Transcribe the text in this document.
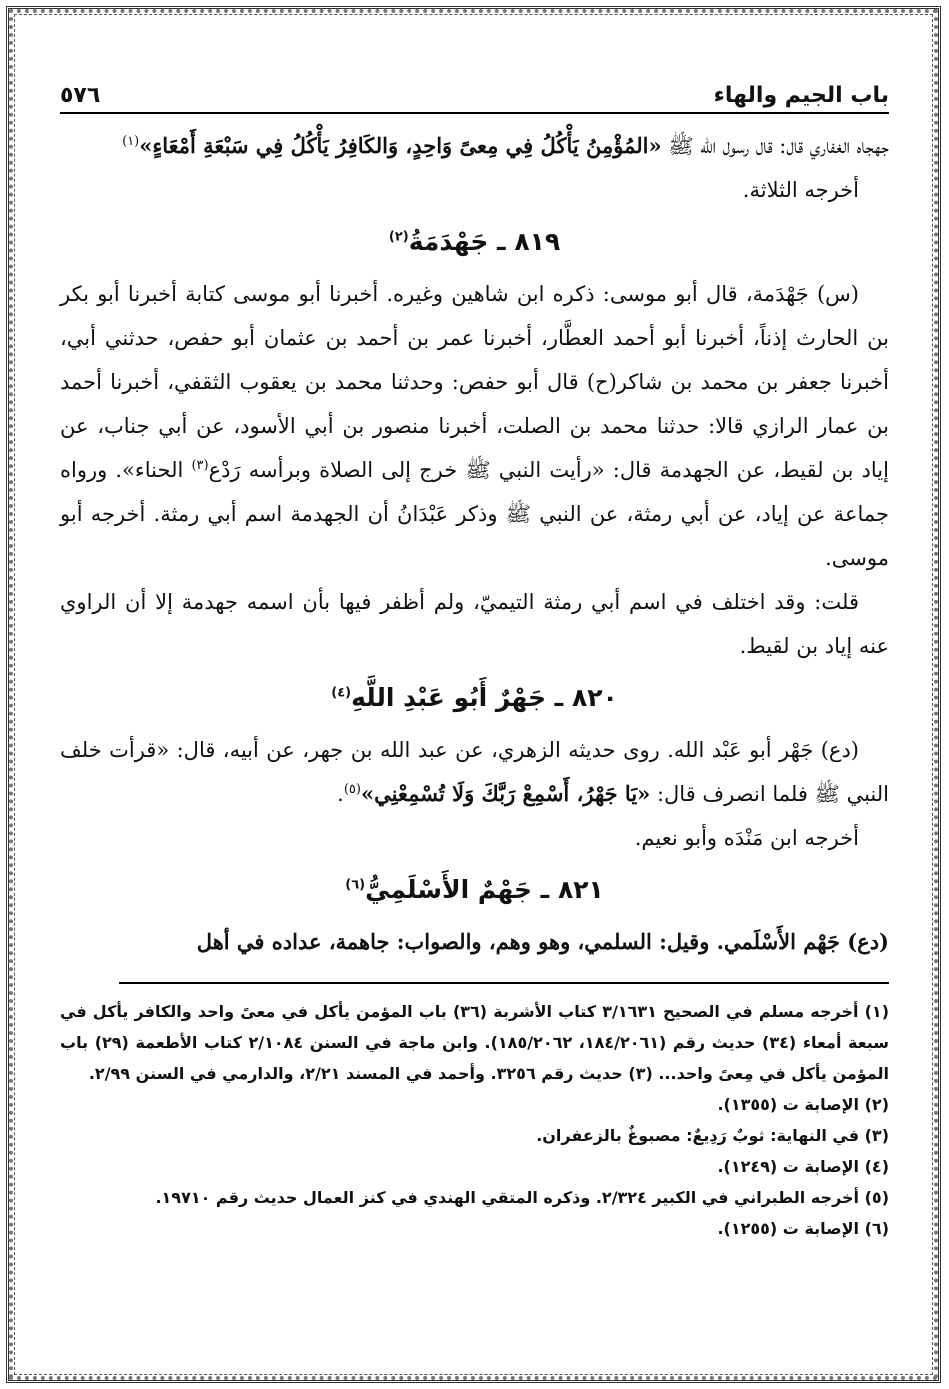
باب الجيم والهاء
٥٧٦

جهجاه الغفاري قال: قال رسول الله ﷺ «المُؤْمِنُ يَأْكُلُ فِي مِعىً وَاحِدٍ، وَالكَافِرُ يَأْكُلُ فِي سَبْعَةِ أَمْعَاءٍ»$^{(١)}$

أخرجه الثلاثة.

٨١٩ ـ جَهْدَمَةُ$^{(٢)}$

(س) جَهْدَمة، قال أبو موسى: ذكره ابن شاهين وغيره. أخبرنا أبو موسى كتابة أخبرنا أبو بكر بن الحارث إذناً، أخبرنا أبو أحمد العطَّار، أخبرنا عمر بن أحمد بن عثمان أبو حفص، حدثني أبي، أخبرنا جعفر بن محمد بن شاكر(ح) قال أبو حفص: وحدثنا محمد بن يعقوب الثقفي، أخبرنا أحمد بن عمار الرازي قالا: حدثنا محمد بن الصلت، أخبرنا منصور بن أبي الأسود، عن أبي جناب، عن إياد بن لقيط، عن الجهدمة قال: «رأيت النبي ﷺ خرج إلى الصلاة وبرأسه رَدْع$^{(٣)}$ الحناء». ورواه جماعة عن إياد، عن أبي رمثة، عن النبي ﷺ وذكر عَبْدَانُ أن الجهدمة اسم أبي رمثة. أخرجه أبو موسى.

قلت: وقد اختلف في اسم أبي رمثة التيميّ، ولم أظفر فيها بأن اسمه جهدمة إلا أن الراوي عنه إياد بن لقيط.

٨٢٠ ـ جَهْرٌ أَبُو عَبْدِ اللَّهِ$^{(٤)}$

(دع) جَهْر أبو عَبْد الله. روى حديثه الزهري، عن عبد الله بن جهر، عن أبيه، قال: «قرأت خلف النبي ﷺ فلما انصرف قال: «يَا جَهْرُ، أَسْمِعْ رَبَّكَ وَلَا تُسْمِعْنِي»$^{(٥)}$.

أخرجه ابن مَنْدَه وأبو نعيم.

٨٢١ ـ جَهْمٌ الأَسْلَمِيُّ$^{(٦)}$

(دع) جَهْم الأَسْلَمي. وقيل: السلمي، وهو وهم، والصواب: جاهمة، عداده في أهل

(١) أخرجه مسلم في الصحيح ٣/١٦٣١ كتاب الأشربة (٣٦) باب المؤمن يأكل في معىً واحد والكافر يأكل في سبعة أمعاء (٣٤) حديث رقم (١٨٤/٢٠٦١، ١٨٥/٢٠٦٢). وابن ماجة في السنن ٢/١٠٨٤ كتاب الأطعمة (٢٩) باب المؤمن يأكل في مِعىً واحد... (٣) حديث رقم ٣٢٥٦. وأحمد في المسند ٢/٢١، والدارمي في السنن ٢/٩٩.

(٢) الإصابة ت (١٣٥٥).

(٣) في النهاية: ثوبٌ رَدِيعٌ: مصبوغٌ بالزعفران.

(٤) الإصابة ت (١٢٤٩).

(٥) أخرجه الطبراني في الكبير ٢/٣٢٤. وذكره المتقي الهندي في كنز العمال حديث رقم ١٩٧١٠.

(٦) الإصابة ت (١٢٥٥).
